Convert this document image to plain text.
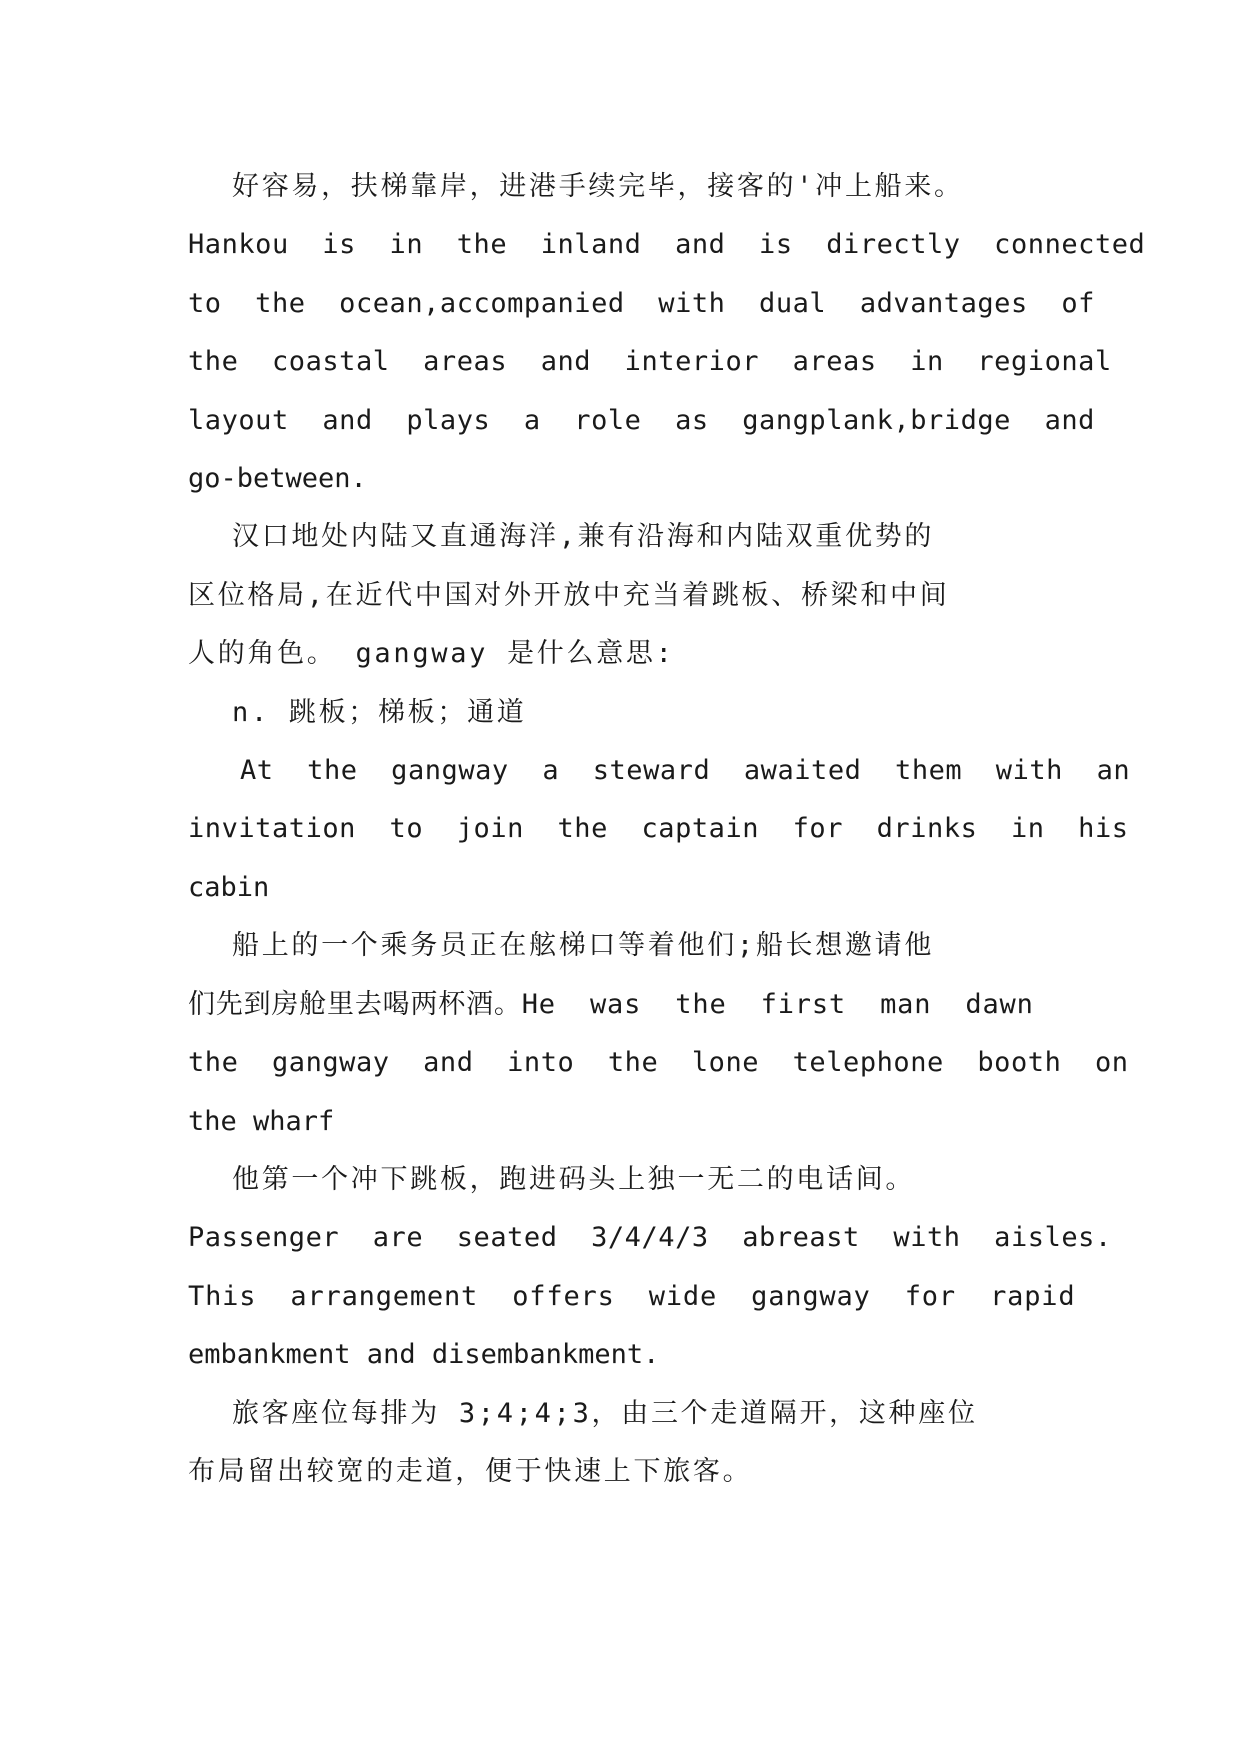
好容易，扶梯靠岸，进港手续完毕，接客的'冲上船来。
Hankou  is  in  the  inland  and  is  directly  connected
to  the  ocean,accompanied  with  dual  advantages  of
the  coastal  areas  and  interior  areas  in  regional
layout  and  plays  a  role  as  gangplank,bridge  and
go-between.
汉口地处内陆又直通海洋,兼有沿海和内陆双重优势的
区位格局,在近代中国对外开放中充当着跳板、桥梁和中间
人的角色。 gangway 是什么意思:
n. 跳板；梯板；通道
At  the  gangway  a  steward  awaited  them  with  an
invitation  to  join  the  captain  for  drinks  in  his
cabin
船上的一个乘务员正在舷梯口等着他们;船长想邀请他
们先到房舱里去喝两杯酒。He  was  the  first  man  dawn
the  gangway  and  into  the  lone  telephone  booth  on
the wharf
他第一个冲下跳板，跑进码头上独一无二的电话间。
Passenger  are  seated  3/4/4/3  abreast  with  aisles.
This  arrangement  offers  wide  gangway  for  rapid
embankment and disembankment.
旅客座位每排为 3;4;4;3，由三个走道隔开，这种座位
布局留出较宽的走道，便于快速上下旅客。
